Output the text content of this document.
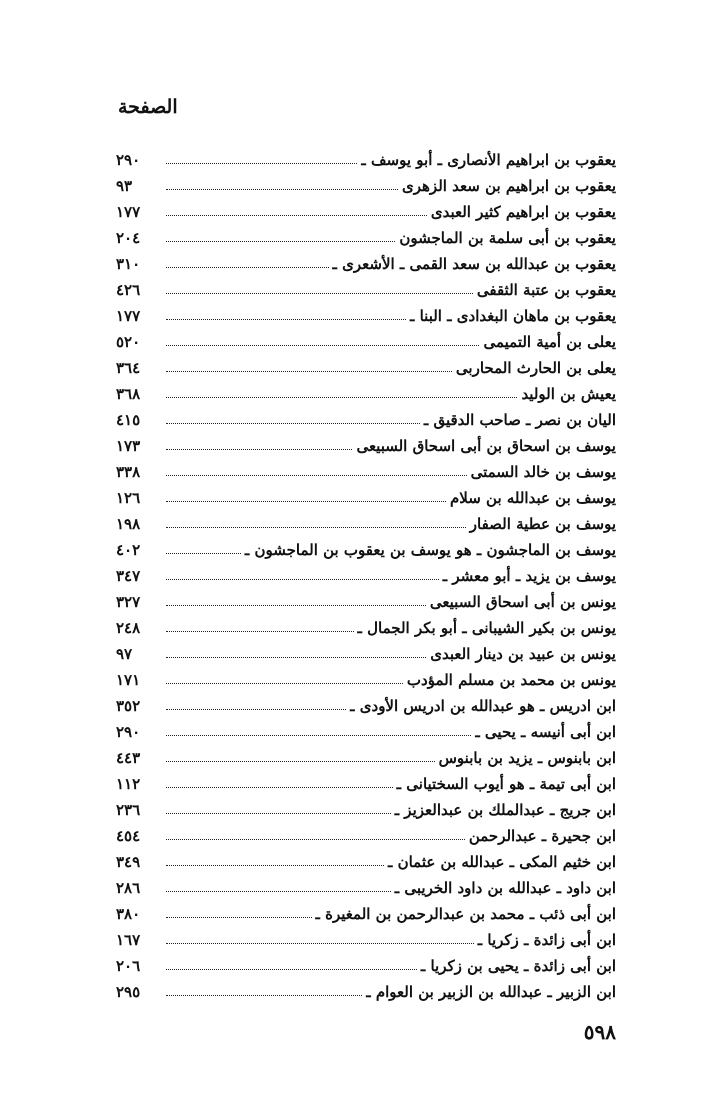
الصفحة
يعقوب بن ابراهيم الأنصارى ـ أبو يوسف ـ
٢٩٠
يعقوب بن ابراهيم بن سعد الزهرى
٩٣
يعقوب بن ابراهيم كثير العبدى
١٧٧
يعقوب بن أبى سلمة بن الماجشون
٢٠٤
يعقوب بن عبدالله بن سعد القمى ـ الأشعرى ـ
٣١٠
يعقوب بن عتبة الثقفى
٤٢٦
يعقوب بن ماهان البغدادى ـ البنا ـ
١٧٧
يعلى بن أمية التميمى
٥٢٠
يعلى بن الحارث المحاربى
٣٦٤
يعيش بن الوليد
٣٦٨
اليان بن نصر ـ صاحب الدقيق ـ
٤١٥
يوسف بن اسحاق بن أبى اسحاق السبيعى
١٧٣
يوسف بن خالد السمتى
٣٣٨
يوسف بن عبدالله بن سلام
١٢٦
يوسف بن عطية الصفار
١٩٨
يوسف بن الماجشون ـ هو يوسف بن يعقوب بن الماجشون ـ
٤٠٢
يوسف بن يزيد ـ أبو معشر ـ
٣٤٧
يونس بن أبى اسحاق السبيعى
٣٢٧
يونس بن بكير الشيبانى ـ أبو بكر الجمال ـ
٢٤٨
يونس بن عبيد بن دينار العبدى
٩٧
يونس بن محمد بن مسلم المؤدب
١٧١
ابن ادريس ـ هو عبدالله بن ادريس الأودى ـ
٣٥٢
ابن أبى أنيسه ـ يحيى ـ
٢٩٠
ابن بابنوس ـ يزيد بن بابنوس
٤٤٣
ابن أبى تيمة ـ هو أيوب السختيانى ـ
١١٢
ابن جريج ـ عبدالملك بن عبدالعزيز ـ
٢٣٦
ابن جحيرة ـ عبدالرحمن
٤٥٤
ابن خثيم المكى ـ عبدالله بن عثمان ـ
٣٤٩
ابن داود ـ عبدالله بن داود الخريبى ـ
٢٨٦
ابن أبى ذئب ـ محمد بن عبدالرحمن بن المغيرة ـ
٣٨٠
ابن أبى زائدة ـ زكريا ـ
١٦٧
ابن أبى زائدة ـ يحيى بن زكريا ـ
٢٠٦
ابن الزبير ـ عبدالله بن الزبير بن العوام ـ
٢٩٥
٥٩٨
